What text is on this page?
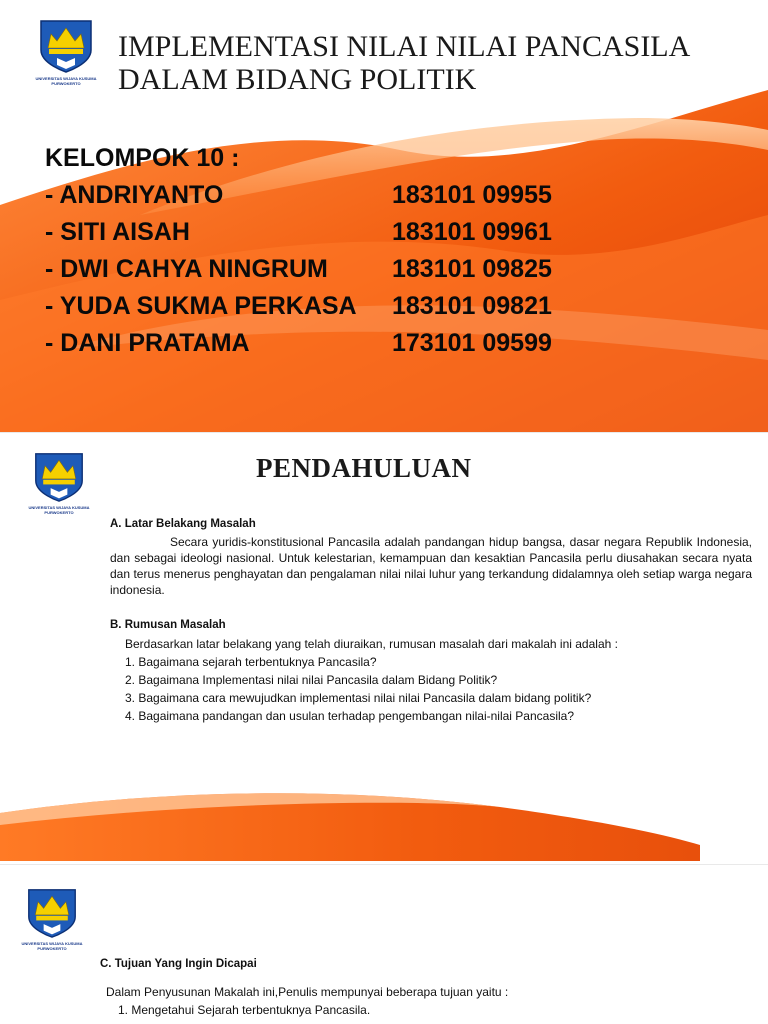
UNIVERSITAS WIJAYA KUSUMA
PURWOKERTO
IMPLEMENTASI NILAI NILAI PANCASILA
DALAM BIDANG POLITIK
KELOMPOK 10 :
- ANDRIYANTO	183101 09955
- SITI AISAH	183101 09961
- DWI CAHYA NINGRUM	183101 09825
- YUDA SUKMA PERKASA 183101 09821
- DANI PRATAMA	173101 09599
UNIVERSITAS WIJAYA KUSUMA
PURWOKERTO
PENDAHULUAN
A. Latar Belakang Masalah

Secara yuridis-konstitusional Pancasila adalah pandangan hidup bangsa, dasar negara Republik Indonesia, dan sebagai ideologi nasional. Untuk kelestarian, kemampuan dan kesaktian Pancasila perlu diusahakan secara nyata dan terus menerus penghayatan dan pengalaman nilai nilai luhur yang terkandung didalamnya oleh setiap warga negara indonesia.

B. Rumusan Masalah
Berdasarkan latar belakang yang telah diuraikan, rumusan masalah dari makalah ini adalah :
1. Bagaimana sejarah terbentuknya Pancasila?
2. Bagaimana Implementasi nilai nilai Pancasila dalam Bidang Politik?
3. Bagaimana cara mewujudkan implementasi nilai nilai Pancasila dalam bidang politik?
4. Bagaimana pandangan dan usulan terhadap pengembangan nilai-nilai Pancasila?
UNIVERSITAS WIJAYA KUSUMA
PURWOKERTO
C. Tujuan Yang Ingin Dicapai
Dalam Penyusunan Makalah ini,Penulis mempunyai beberapa tujuan yaitu :
1. Mengetahui Sejarah terbentuknya Pancasila.
